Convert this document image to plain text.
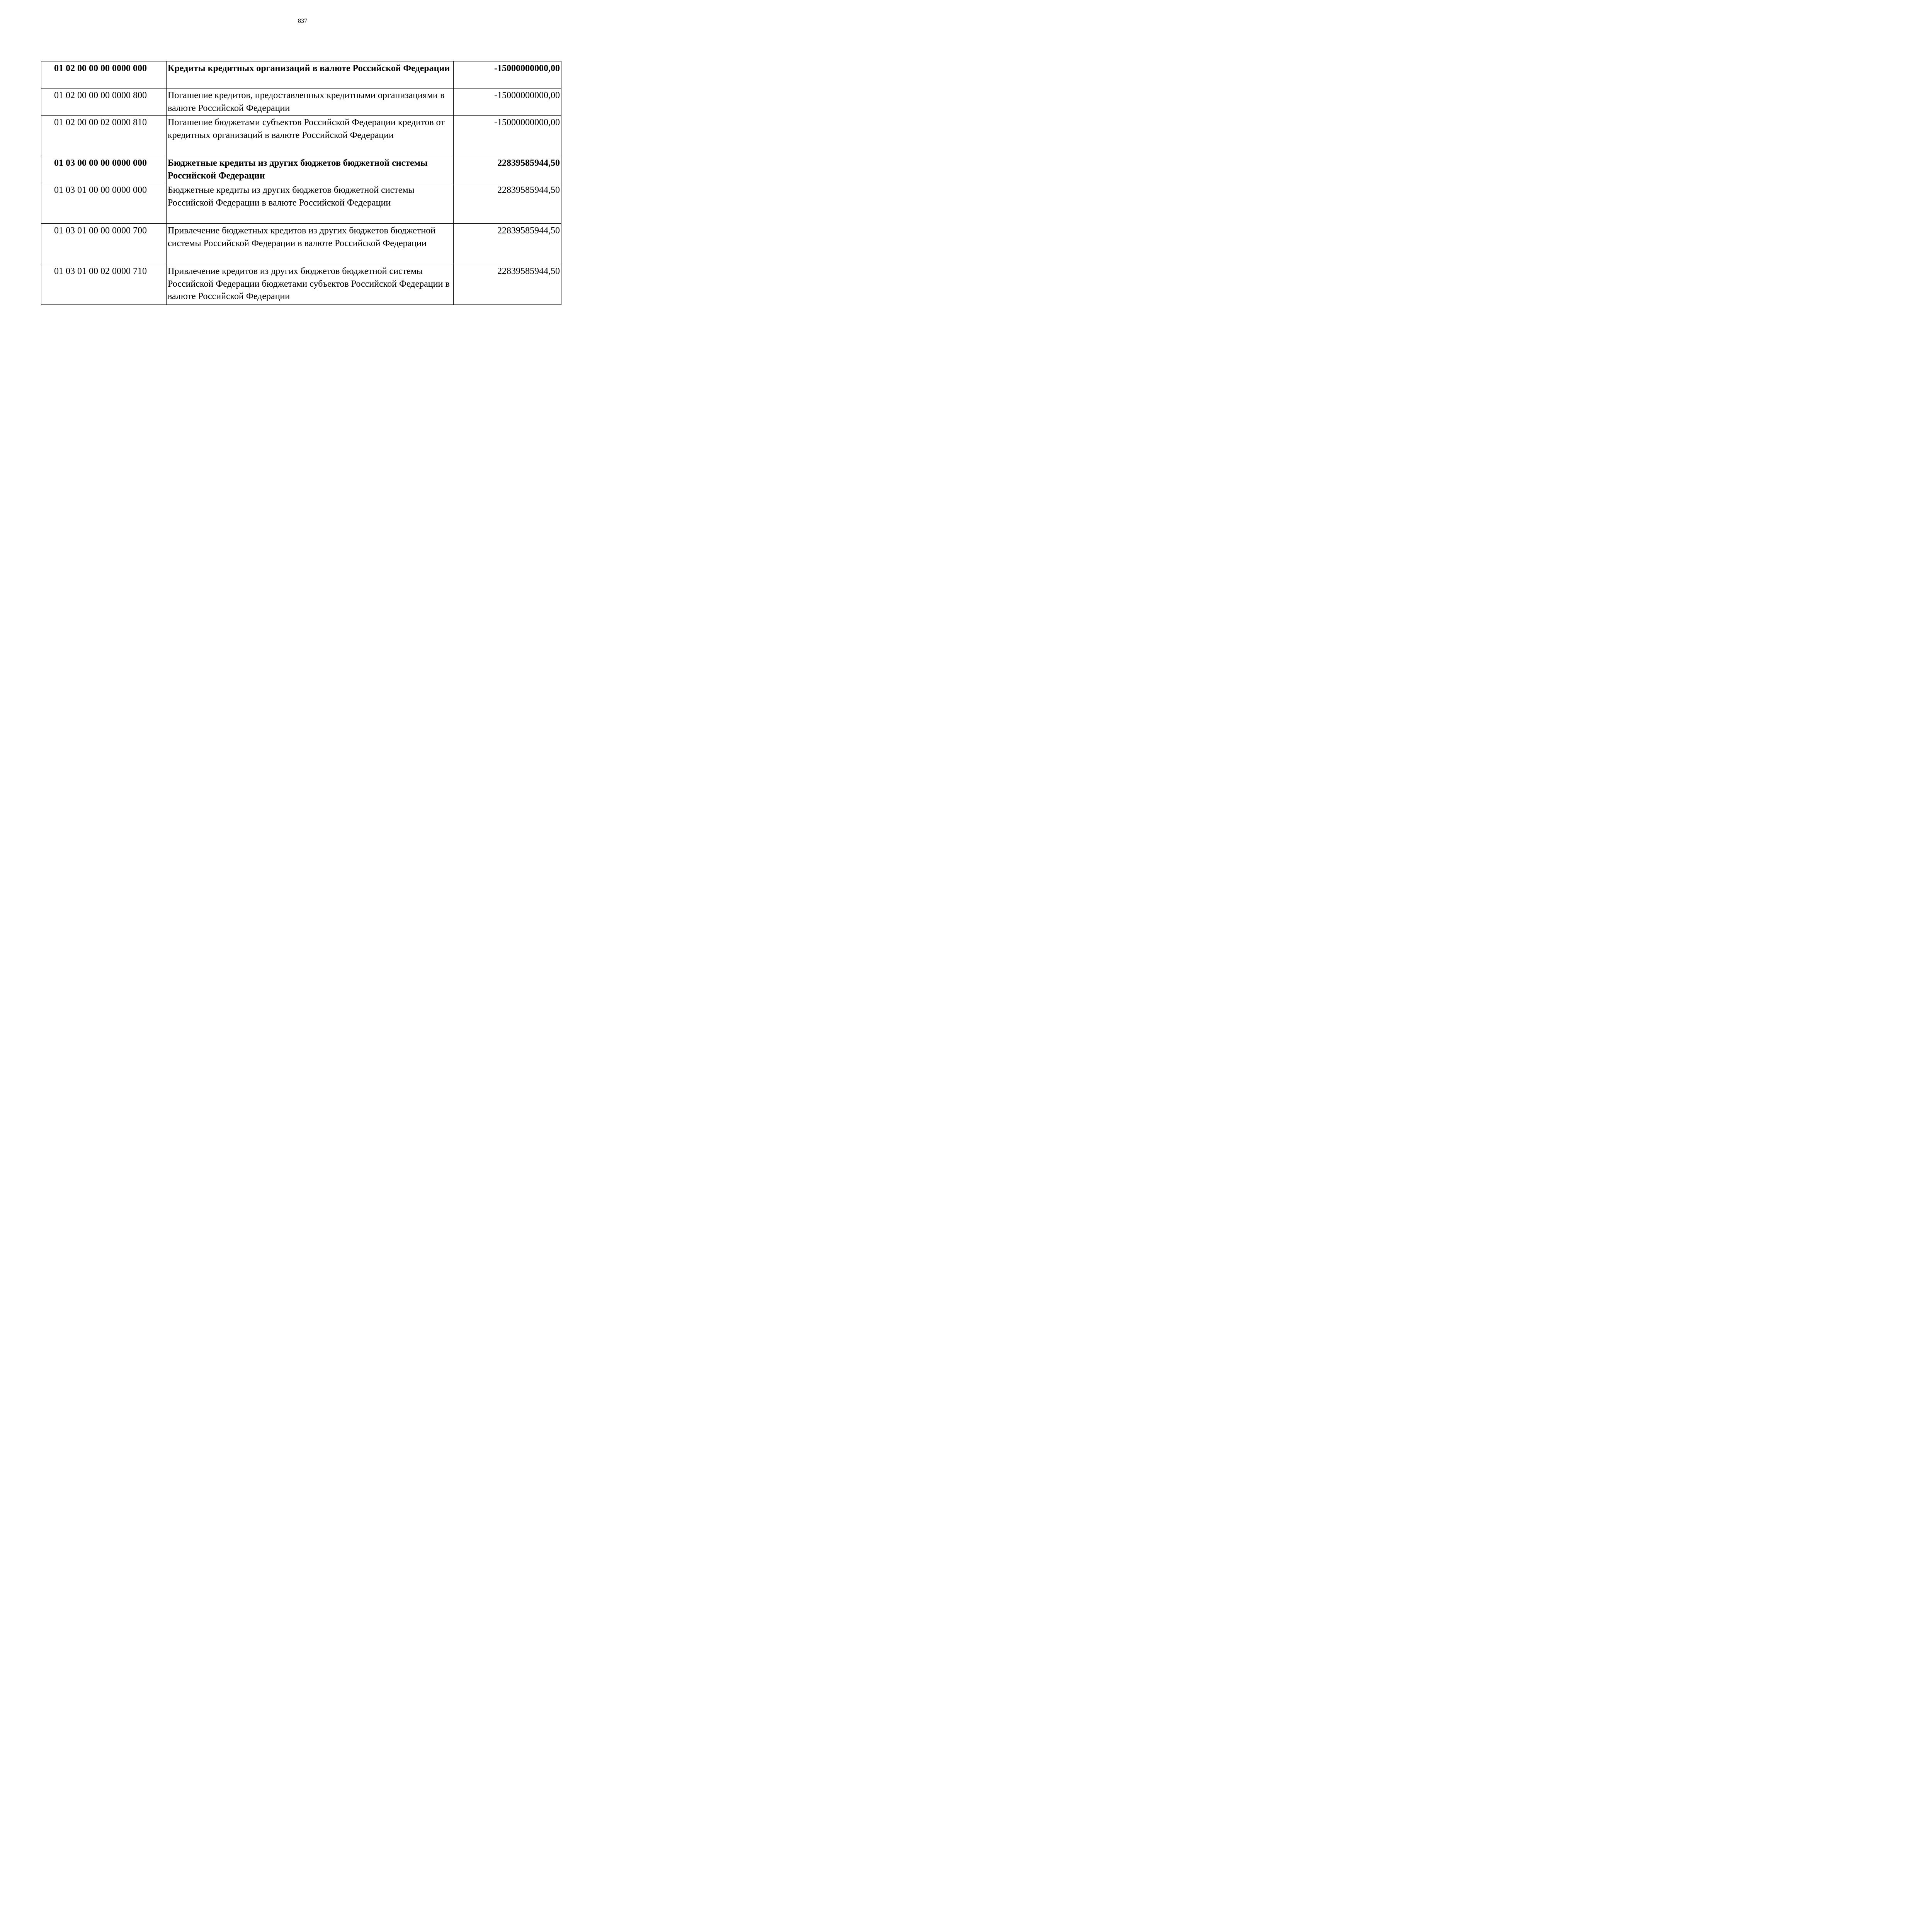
837
01 02 00 00 00 0000 000	Кредиты кредитных организаций в валюте Российской Федерации	-15000000000,00
01 02 00 00 00 0000 800	Погашение кредитов, предоставленных кредитными организациями в валюте Российской Федерации	-15000000000,00
01 02 00 00 02 0000 810	Погашение бюджетами субъектов Российской Федерации кредитов от кредитных организаций в валюте Российской Федерации	-15000000000,00
01 03 00 00 00 0000 000	Бюджетные кредиты из других бюджетов бюджетной системы Российской Федерации	22839585944,50
01 03 01 00 00 0000 000	Бюджетные кредиты из других бюджетов бюджетной системы Российской Федерации в валюте Российской Федерации	22839585944,50
01 03 01 00 00 0000 700	Привлечение бюджетных кредитов из других бюджетов бюджетной системы Российской Федерации в валюте Российской Федерации	22839585944,50
01 03 01 00 02 0000 710	Привлечение кредитов из других бюджетов бюджетной системы Российской Федерации бюджетами субъектов Российской Федерации в валюте Российской Федерации	22839585944,50
